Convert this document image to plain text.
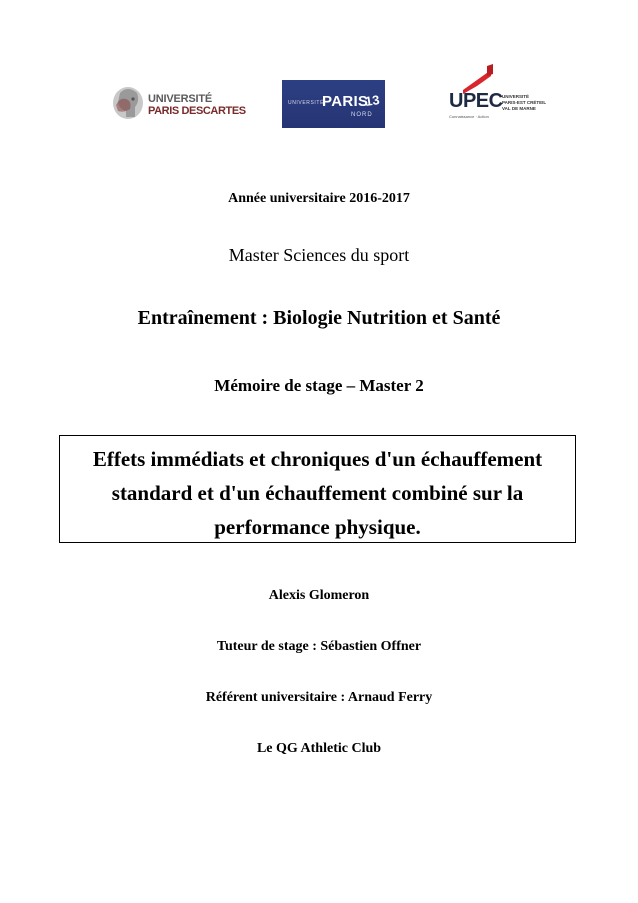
UNIVERSITÉ
PARIS DESCARTES
UNIVERSITÉ
PARIS
13
NORD
UPEC
Connaissance · Action
UNIVERSITÉ
PARIS-EST CRÉTEIL
VAL DE MARNE
Année universitaire 2016-2017
Master Sciences du sport
Entraînement : Biologie Nutrition et Santé
Mémoire de stage – Master 2
Effets immédiats et chroniques d'un échauffement standard et d'un échauffement combiné sur la performance physique.
Alexis Glomeron
Tuteur de stage : Sébastien Offner
Référent universitaire : Arnaud Ferry
Le QG Athletic Club
